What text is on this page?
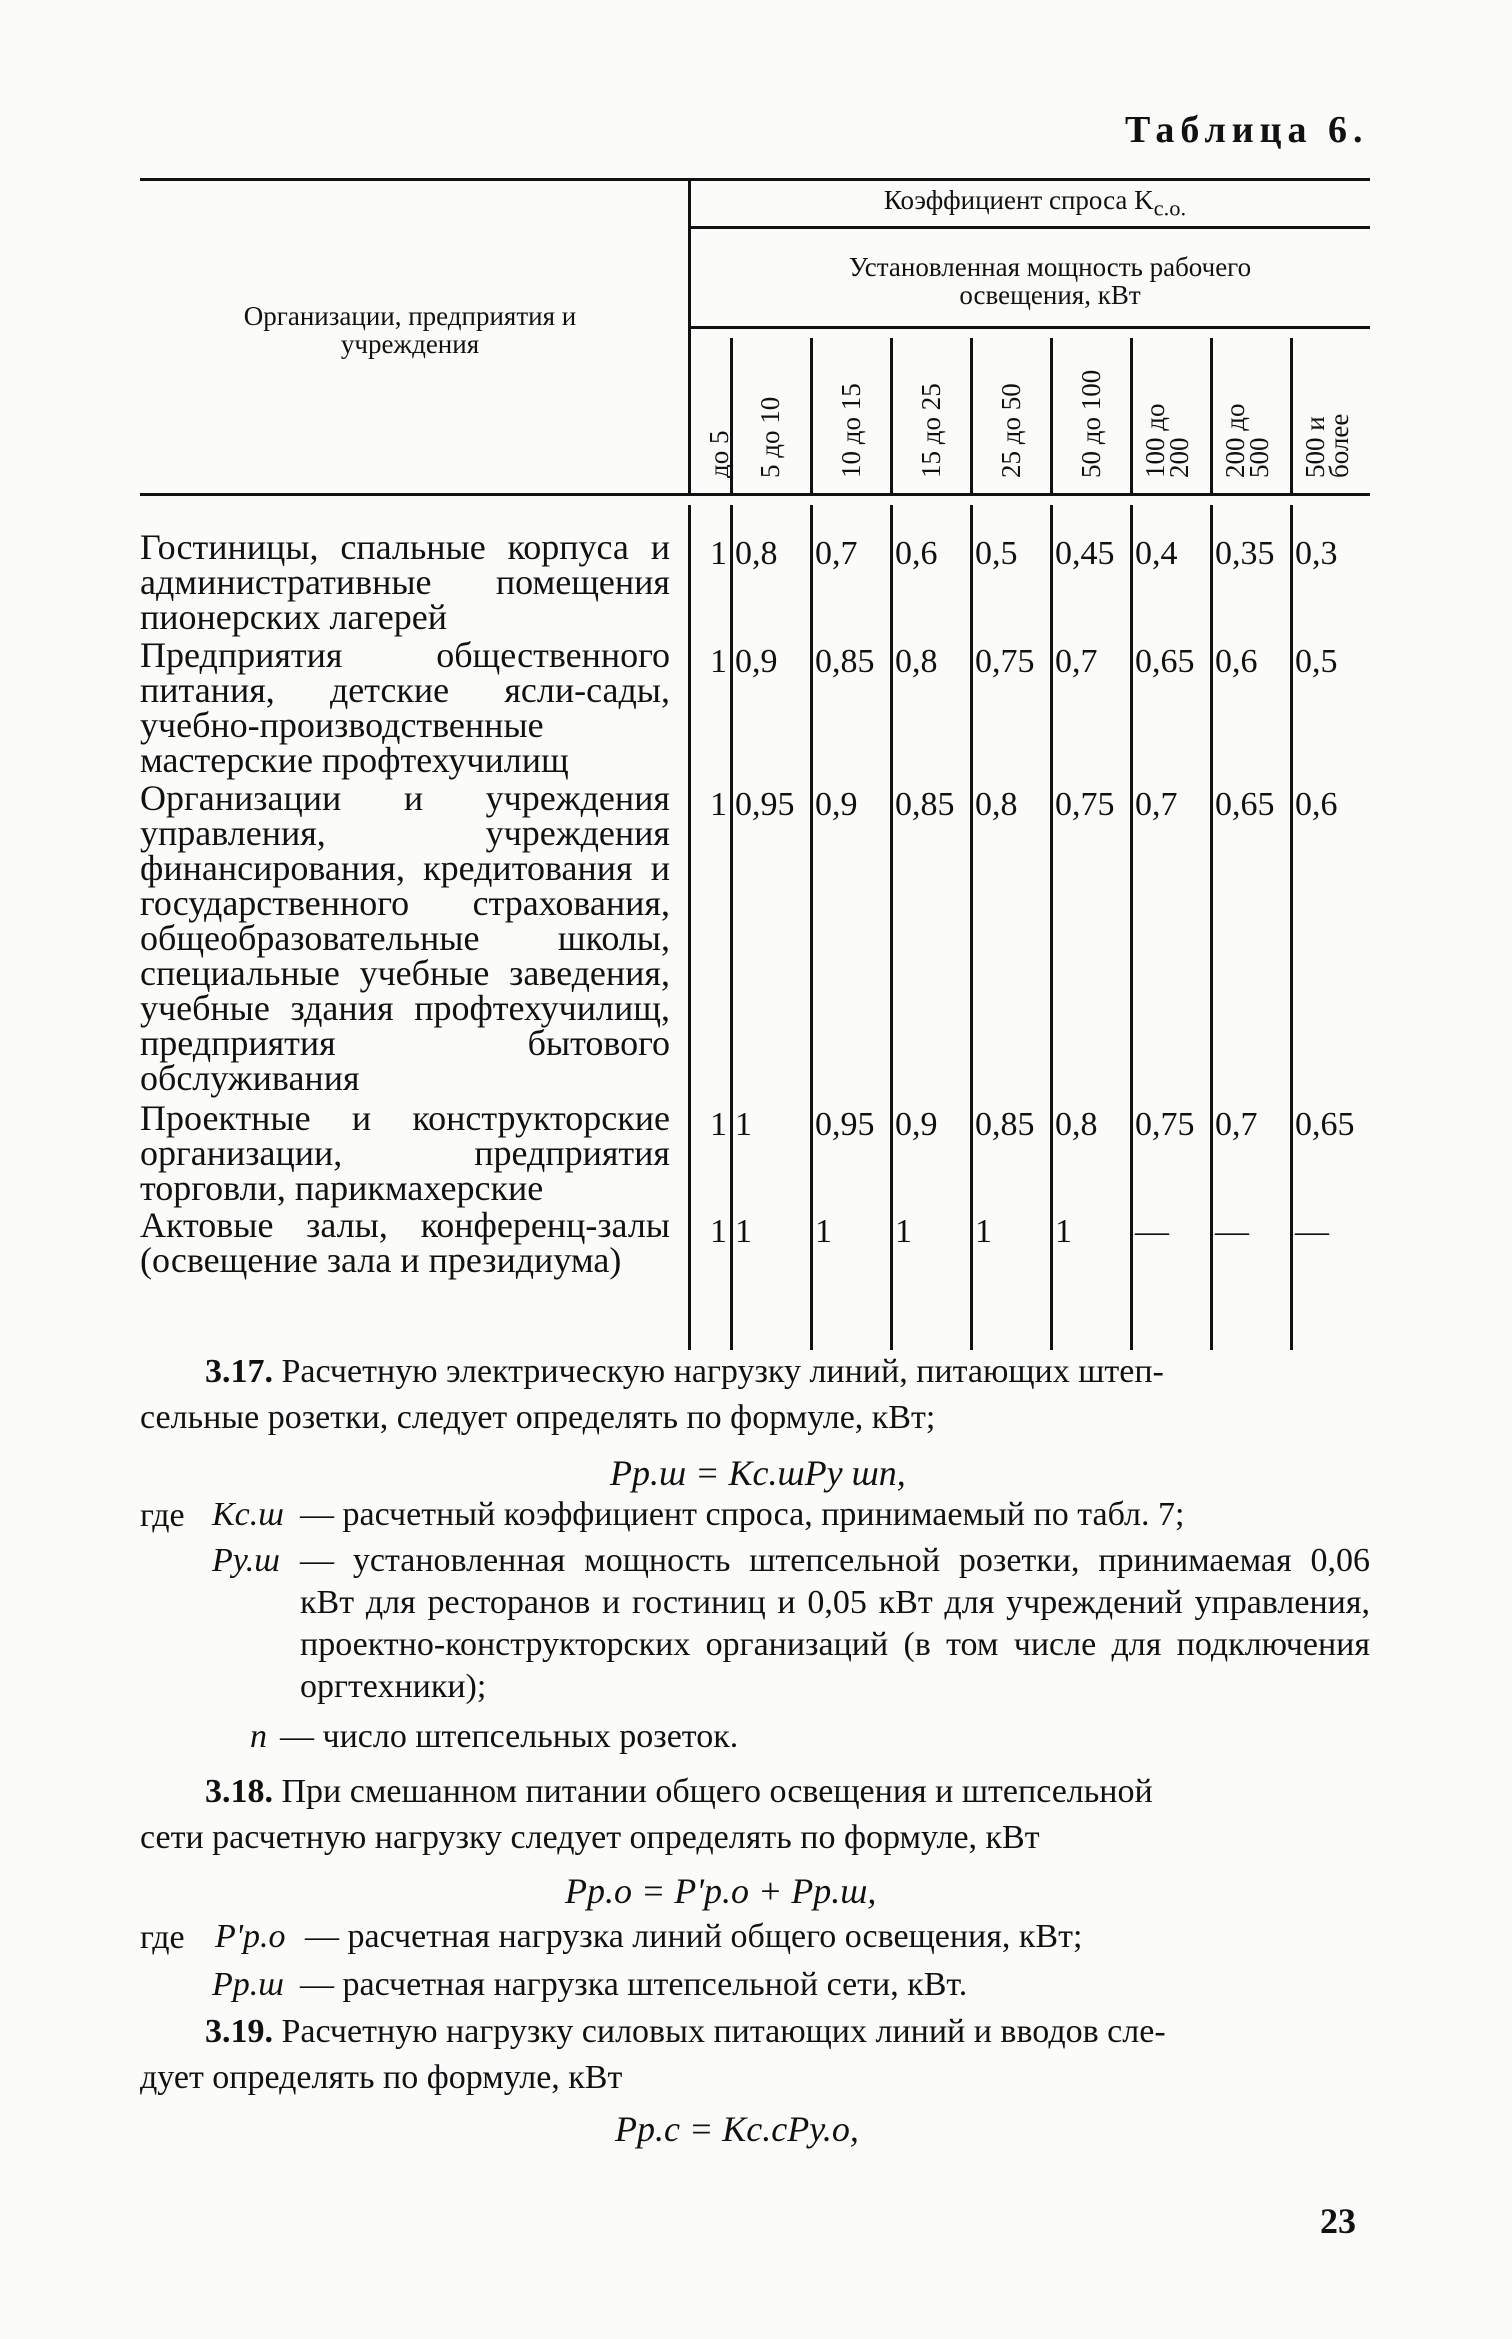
Таблица 6.
Организации, предприятия и учреждения
Коэффициент спроса $K_{с.о.}$
Установленная мощность рабочего освещения, кВт
до 5 5 до 10 10 до 15 15 до 25 25 до 50 50 до 100 100 до 200 200 до 500 500 и более
Гостиницы, спальные корпуса и административные помещения пионерских лагерей
Предприятия общественного питания, детские ясли-сады, учебно-производственные мастерские профтехучилищ
Организации и учреждения управления, учреждения финансирования, кредитования и государственного страхования, общеобразовательные школы, специальные учебные заведения, учебные здания профтехучилищ, предприятия бытового обслуживания
Проектные и конструкторские организации, предприятия торговли, парикмахерские
Актовые залы, конференц-залы (освещение зала и президиума)
1 0,8 0,7 0,6 0,5 0,45 0,4 0,35 0,3
1 0,9 0,85 0,8 0,75 0,7 0,65 0,6 0,5
1 0,95 0,9 0,85 0,8 0,75 0,7 0,65 0,6
1 1 0,95 0,9 0,85 0,8 0,75 0,7 0,65
1 1 1 1 1 1 — — —
3.17. Расчетную электрическую нагрузку линий, питающих штеп-
сельные розетки, следует определять по формуле, кВт;
Pр.ш = Kс.шPу шn,
где Kс.ш — расчетный коэффициент спроса, принимаемый по табл. 7;
Pу.ш — установленная мощность штепсельной розетки, принимаемая 0,06 кВт для ресторанов и гостиниц и 0,05 кВт для учреждений управления, проектно-конструкторских организаций (в том числе для подключения оргтехники);
n — число штепсельных розеток.
3.18. При смешанном питании общего освещения и штепсельной
сети расчетную нагрузку следует определять по формуле, кВт
Pр.о = P'р.о + Pр.ш,
где P'р.о — расчетная нагрузка линий общего освещения, кВт;
Pр.ш — расчетная нагрузка штепсельной сети, кВт.
3.19. Расчетную нагрузку силовых питающих линий и вводов сле-
дует определять по формуле, кВт
Pр.с = Kс.сPу.о,
23
